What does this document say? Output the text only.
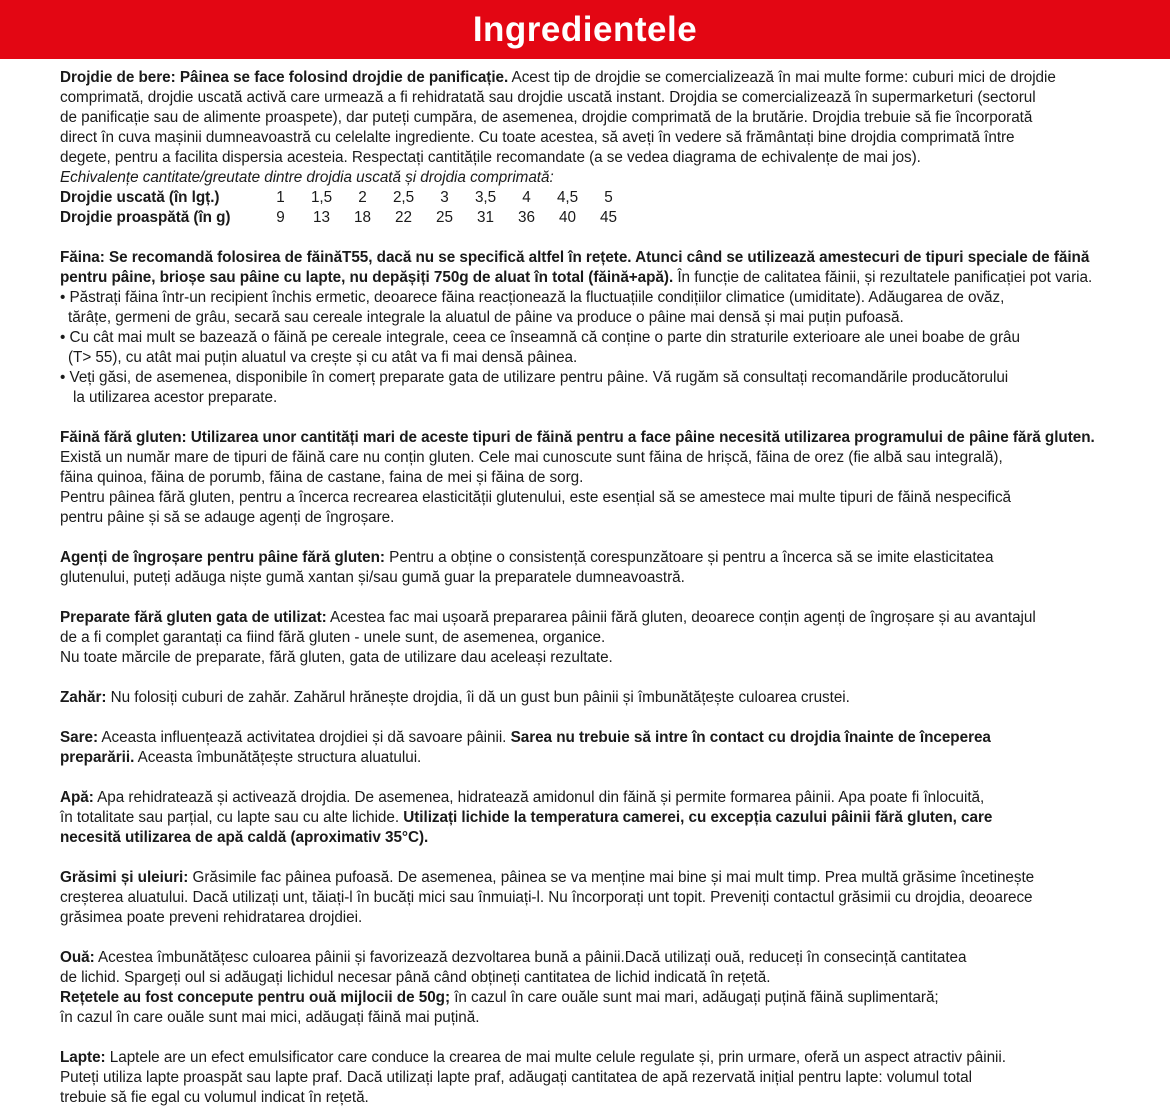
Ingredientele
Drojdie de bere: Pâinea se face folosind drojdie de panificație. Acest tip de drojdie se comercializează în mai multe forme: cuburi mici de drojdie
comprimată, drojdie uscată activă care urmează a fi rehidratată sau drojdie uscată instant. Drojdia se comercializează în supermarketuri (sectorul
de panificație sau de alimente proaspete), dar puteți cumpăra, de asemenea, drojdie comprimată de la brutărie. Drojdia trebuie să fie încorporată
direct în cuva mașinii dumneavoastră cu celelalte ingrediente. Cu toate acestea, să aveți în vedere să frământați bine drojdia comprimată între
degete, pentru a facilita dispersia acesteia. Respectați cantitățile recomandate (a se vedea diagrama de echivalențe de mai jos).
Echivalențe cantitate/greutate dintre drojdia uscată și drojdia comprimată:
Drojdie uscată (în lgț.)	1	1,5	2	2,5	3	3,5	4	4,5	5
Drojdie proaspătă (în g)	9	13	18	22	25	31	36	40	45
Făina: Se recomandă folosirea de făinăT55, dacă nu se specifică altfel în rețete. Atunci când se utilizează amestecuri de tipuri speciale de făină
pentru pâine, brioșe sau pâine cu lapte, nu depășiți 750g de aluat în total (făină+apă). În funcție de calitatea făinii, și rezultatele panificației pot varia.
• Păstrați făina într-un recipient închis ermetic, deoarece făina reacționează la fluctuațiile condițiilor climatice (umiditate). Adăugarea de ovăz,
tărâțe, germeni de grâu, secară sau cereale integrale la aluatul de pâine va produce o pâine mai densă și mai puțin pufoasă.
• Cu cât mai mult se bazează o făină pe cereale integrale, ceea ce înseamnă că conține o parte din straturile exterioare ale unei boabe de grâu
(T> 55), cu atât mai puțin aluatul va crește și cu atât va fi mai densă pâinea.
• Veți găsi, de asemenea, disponibile în comerț preparate gata de utilizare pentru pâine. Vă rugăm să consultați recomandările producătorului
la utilizarea acestor preparate.
Făină fără gluten: Utilizarea unor cantități mari de aceste tipuri de făină pentru a face pâine necesită utilizarea programului de pâine fără gluten.
Există un număr mare de tipuri de făină care nu conțin gluten. Cele mai cunoscute sunt făina de hrișcă, făina de orez (fie albă sau integrală),
făina quinoa, făina de porumb, făina de castane, faina de mei și făina de sorg.
Pentru pâinea fără gluten, pentru a încerca recrearea elasticității glutenului, este esențial să se amestece mai multe tipuri de făină nespecifică
pentru pâine și să se adauge agenți de îngroșare.
Agenți de îngroșare pentru pâine fără gluten: Pentru a obține o consistență corespunzătoare și pentru a încerca să se imite elasticitatea
glutenului, puteți adăuga niște gumă xantan și/sau gumă guar la preparatele dumneavoastră.
Preparate fără gluten gata de utilizat: Acestea fac mai ușoară prepararea pâinii fără gluten, deoarece conțin agenți de îngroșare și au avantajul
de a fi complet garantați ca fiind fără gluten - unele sunt, de asemenea, organice.
Nu toate mărcile de preparate, fără gluten, gata de utilizare dau aceleași rezultate.
Zahăr: Nu folosiți cuburi de zahăr. Zahărul hrănește drojdia, îi dă un gust bun pâinii și îmbunătățește culoarea crustei.
Sare: Aceasta influențează activitatea drojdiei și dă savoare pâinii. Sarea nu trebuie să intre în contact cu drojdia înainte de începerea
preparării. Aceasta îmbunătățește structura aluatului.
Apă: Apa rehidratează și activează drojdia. De asemenea, hidratează amidonul din făină și permite formarea pâinii. Apa poate fi înlocuită,
în totalitate sau parțial, cu lapte sau cu alte lichide. Utilizați lichide la temperatura camerei, cu excepția cazului pâinii fără gluten, care
necesită utilizarea de apă caldă (aproximativ 35°C).
Grăsimi și uleiuri: Grăsimile fac pâinea pufoasă. De asemenea, pâinea se va menține mai bine și mai mult timp. Prea multă grăsime încetinește
creșterea aluatului. Dacă utilizați unt, tăiați-l în bucăți mici sau înmuiați-l. Nu încorporați unt topit. Preveniți contactul grăsimii cu drojdia, deoarece
grăsimea poate preveni rehidratarea drojdiei.
Ouă: Acestea îmbunătățesc culoarea pâinii și favorizează dezvoltarea bună a pâinii.Dacă utilizați ouă, reduceți în consecință cantitatea
de lichid. Spargeți oul si adăugați lichidul necesar până când obțineți cantitatea de lichid indicată în rețetă.
Rețetele au fost concepute pentru ouă mijlocii de 50g; în cazul în care ouăle sunt mai mari, adăugați puțină făină suplimentară;
în cazul în care ouăle sunt mai mici, adăugați făină mai puțină.
Lapte: Laptele are un efect emulsificator care conduce la crearea de mai multe celule regulate și, prin urmare, oferă un aspect atractiv pâinii.
Puteți utiliza lapte proaspăt sau lapte praf. Dacă utilizați lapte praf, adăugați cantitatea de apă rezervată inițial pentru lapte: volumul total
trebuie să fie egal cu volumul indicat în rețetă.
